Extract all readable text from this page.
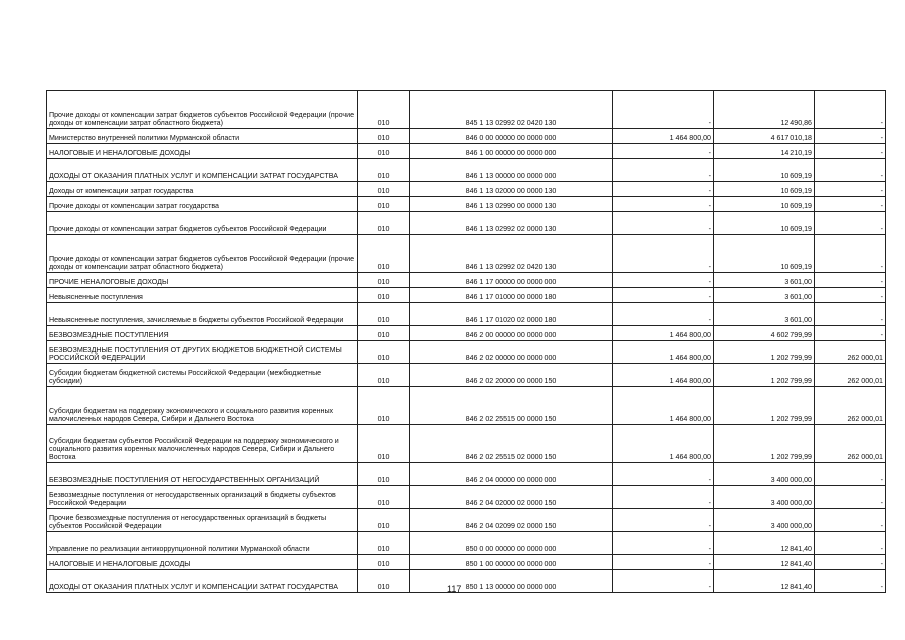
Прочие доходы от компенсации затрат бюджетов субъектов Российской Федерации (прочие доходы от компенсации затрат областного бюджета)	010	845 1 13 02992 02 0420 130	-	12 490,86	-
Министерство внутренней политики Мурманской области	010	846 0 00 00000 00 0000 000	1 464 800,00	4 617 010,18	-
НАЛОГОВЫЕ И НЕНАЛОГОВЫЕ ДОХОДЫ	010	846 1 00 00000 00 0000 000	-	14 210,19	-
ДОХОДЫ ОТ ОКАЗАНИЯ ПЛАТНЫХ УСЛУГ И КОМПЕНСАЦИИ ЗАТРАТ ГОСУДАРСТВА	010	846 1 13 00000 00 0000 000	-	10 609,19	-
Доходы от компенсации затрат государства	010	846 1 13 02000 00 0000 130	-	10 609,19	-
Прочие доходы от компенсации затрат государства	010	846 1 13 02990 00 0000 130	-	10 609,19	-
Прочие доходы от компенсации затрат бюджетов субъектов Российской Федерации	010	846 1 13 02992 02 0000 130	-	10 609,19	-
Прочие доходы от компенсации затрат бюджетов субъектов Российской Федерации (прочие доходы от компенсации затрат областного бюджета)	010	846 1 13 02992 02 0420 130	-	10 609,19	-
ПРОЧИЕ НЕНАЛОГОВЫЕ ДОХОДЫ	010	846 1 17 00000 00 0000 000	-	3 601,00	-
Невыясненные поступления	010	846 1 17 01000 00 0000 180	-	3 601,00	-
Невыясненные поступления, зачисляемые в бюджеты субъектов Российской Федерации	010	846 1 17 01020 02 0000 180	-	3 601,00	-
БЕЗВОЗМЕЗДНЫЕ ПОСТУПЛЕНИЯ	010	846 2 00 00000 00 0000 000	1 464 800,00	4 602 799,99	-
БЕЗВОЗМЕЗДНЫЕ ПОСТУПЛЕНИЯ ОТ ДРУГИХ БЮДЖЕТОВ БЮДЖЕТНОЙ СИСТЕМЫ РОССИЙСКОЙ ФЕДЕРАЦИИ	010	846 2 02 00000 00 0000 000	1 464 800,00	1 202 799,99	262 000,01
Субсидии бюджетам бюджетной системы Российской Федерации (межбюджетные субсидии)	010	846 2 02 20000 00 0000 150	1 464 800,00	1 202 799,99	262 000,01
Субсидии бюджетам на поддержку экономического и социального развития коренных малочисленных народов Севера, Сибири и Дальнего Востока	010	846 2 02 25515 00 0000 150	1 464 800,00	1 202 799,99	262 000,01
Субсидии бюджетам субъектов Российской Федерации на поддержку экономического и социального развития коренных малочисленных народов Севера, Сибири и Дальнего Востока	010	846 2 02 25515 02 0000 150	1 464 800,00	1 202 799,99	262 000,01
БЕЗВОЗМЕЗДНЫЕ ПОСТУПЛЕНИЯ ОТ НЕГОСУДАРСТВЕННЫХ ОРГАНИЗАЦИЙ	010	846 2 04 00000 00 0000 000	-	3 400 000,00	-
Безвозмездные поступления от негосударственных организаций в бюджеты субъектов Российской Федерации	010	846 2 04 02000 02 0000 150	-	3 400 000,00	-
Прочие безвозмездные поступления от негосударственных организаций в бюджеты субъектов Российской Федерации	010	846 2 04 02099 02 0000 150	-	3 400 000,00	-
Управление по реализации антикоррупционной политики Мурманской области	010	850 0 00 00000 00 0000 000	-	12 841,40	-
НАЛОГОВЫЕ И НЕНАЛОГОВЫЕ ДОХОДЫ	010	850 1 00 00000 00 0000 000	-	12 841,40	-
ДОХОДЫ ОТ ОКАЗАНИЯ ПЛАТНЫХ УСЛУГ И КОМПЕНСАЦИИ ЗАТРАТ ГОСУДАРСТВА	010	850 1 13 00000 00 0000 000	-	12 841,40	-
117
